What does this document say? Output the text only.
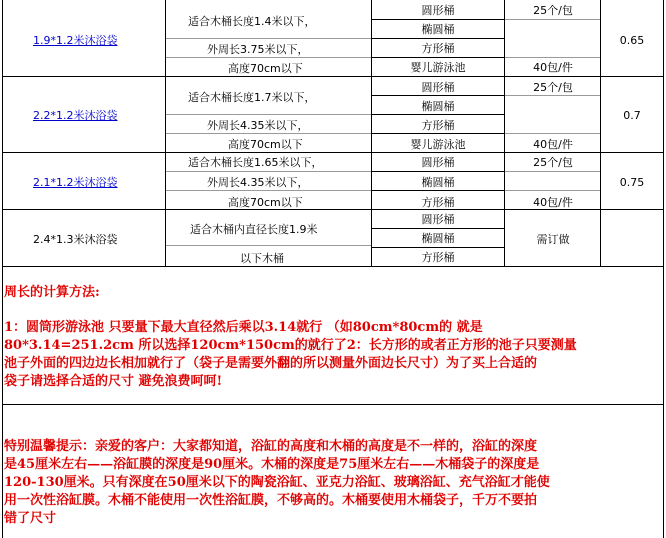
1.9*1.2米沐浴袋
适合木桶长度1.4米以下，
外周长3.75米以下，
高度70cm以下
圆形桶
椭圆桶
方形桶
婴儿游泳池
25个/包
40包/件
0.65
2.2*1.2米沐浴袋
适合木桶长度1.7米以下，
外周长4.35米以下，
高度70cm以下
圆形桶
椭圆桶
方形桶
婴儿游泳池
25个/包
40包/件
0.7
2.1*1.2米沐浴袋
适合木桶长度1.65米以下，
外周长4.35米以下，
高度70cm以下
圆形桶
椭圆桶
方形桶
25个/包
40包/件
0.75
2.4*1.3米沐浴袋
适合木桶内直径长度1.9米
以下木桶
圆形桶
椭圆桶
方形桶
需订做
周长的计算方法:
1：圆筒形游泳池 只要量下最大直径然后乘以3.14就行 （如80cm*80cm的 就是
80*3.14=251.2cm 所以选择120cm*150cm的就行了2：长方形的或者正方形的池子只要测量
池子外面的四边边长相加就行了（袋子是需要外翻的所以测量外面边长尺寸）为了买上合适的
袋子请选择合适的尺寸 避免浪费呵呵!
特别温馨提示：亲爱的客户：大家都知道，浴缸的高度和木桶的高度是不一样的，浴缸的深度
是45厘米左右——浴缸膜的深度是90厘米。木桶的深度是75厘米左右——木桶袋子的深度是
120-130厘米。只有深度在50厘米以下的陶瓷浴缸、亚克力浴缸、玻璃浴缸、充气浴缸才能使
用一次性浴缸膜。木桶不能使用一次性浴缸膜，不够高的。木桶要使用木桶袋子，千万不要拍
错了尺寸
